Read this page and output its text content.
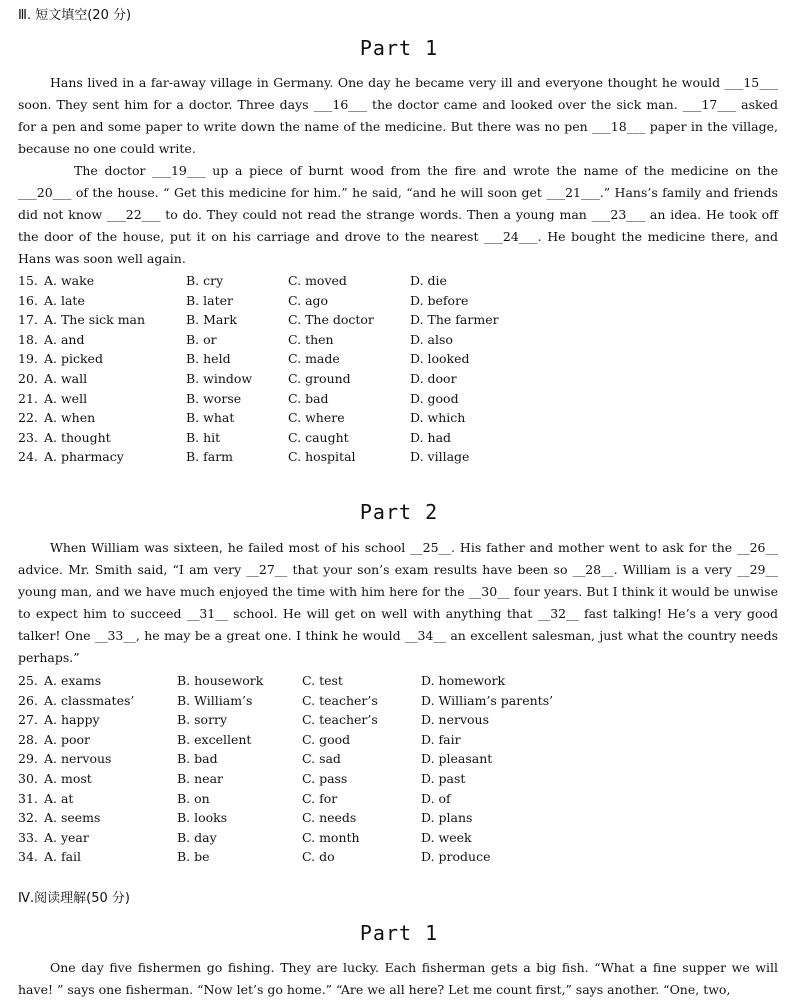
Ⅲ. 短文填空(20 分)
Part 1

Hans lived in a far-away village in Germany. One day he became very ill and everyone thought he would ___15___ soon. They sent him for a doctor. Three days ___16___ the doctor came and looked over the sick man. ___17___ asked for a pen and some paper to write down the name of the medicine. But there was no pen ___18___ paper in the village, because no one could write.

The doctor ___19___ up a piece of burnt wood from the fire and wrote the name of the medicine on the ___20___ of the house. “ Get this medicine for him.” he said, “and he will soon get ___21___.” Hans’s family and friends did not know ___22___ to do. They could not read the strange words. Then a young man ___23___ an idea. He took off the door of the house, put it on his carriage and drove to the nearest ___24___. He bought the medicine there, and Hans was soon well again.

15. A. wake	B. cry	C. moved	D. die
16. A. late	B. later	C. ago	D. before
17. A. The sick man	B. Mark	C. The doctor	D. The farmer
18. A. and	B. or	C. then	D. also
19. A. picked	B. held	C. made	D. looked
20. A. wall	B. window	C. ground	D. door
21. A. well	B. worse	C. bad	D. good
22. A. when	B. what	C. where	D. which
23. A. thought	B. hit	C. caught	D. had
24. A. pharmacy	B. farm	C. hospital	D. village
Part 2

When William was sixteen, he failed most of his school __25__. His father and mother went to ask for the __26__ advice. Mr. Smith said, “I am very __27__ that your son’s exam results have been so __28__. William is a very __29__ young man, and we have much enjoyed the time with him here for the __30__ four years. But I think it would be unwise to expect him to succeed __31__ school. He will get on well with anything that __32__ fast talking! He’s a very good talker! One __33__, he may be a great one. I think he would __34__ an excellent salesman, just what the country needs perhaps.”

25. A. exams	B. housework	C. test	D. homework
26. A. classmates’	B. William’s	C. teacher’s	D. William’s parents’
27. A. happy	B. sorry	C. teacher’s	D. nervous
28. A. poor	B. excellent	C. good	D. fair
29. A. nervous	B. bad	C. sad	D. pleasant
30. A. most	B. near	C. pass	D. past
31. A. at	B. on	C. for	D. of
32. A. seems	B. looks	C. needs	D. plans
33. A. year	B. day	C. month	D. week
34. A. fail	B. be	C. do	D. produce
Ⅳ.阅读理解(50 分)
Part 1

One day five fishermen go fishing. They are lucky. Each fisherman gets a big fish. “What a fine supper we will have! ” says one fisherman. “Now let’s go home.” “Are we all here? Let me count first,” says another. “One, two,
